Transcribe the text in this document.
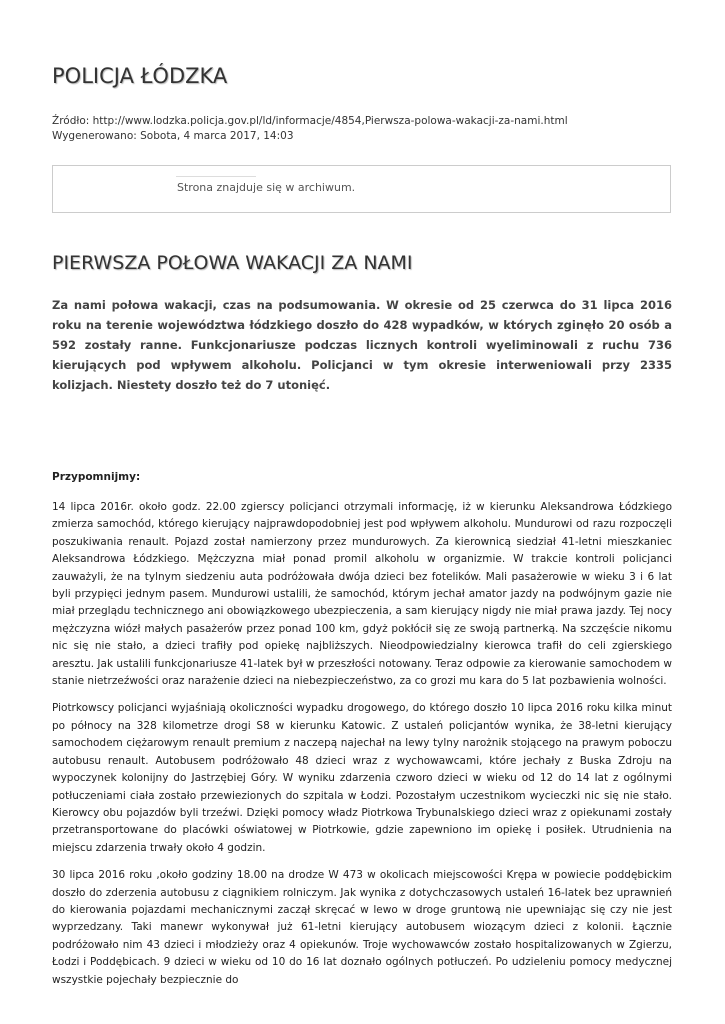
POLICJA ŁÓDZKA
Źródło: http://www.lodzka.policja.gov.pl/ld/informacje/4854,Pierwsza-polowa-wakacji-za-nami.html
Wygenerowano: Sobota, 4 marca 2017, 14:03
Strona znajduje się w archiwum.
PIERWSZA POŁOWA WAKACJI ZA NAMI
Za nami połowa wakacji, czas na podsumowania. W okresie od 25 czerwca do 31 lipca 2016 roku na terenie województwa łódzkiego doszło do 428 wypadków, w których zginęło 20 osób a 592 zostały ranne. Funkcjonariusze podczas licznych kontroli wyeliminowali z ruchu 736 kierujących pod wpływem alkoholu. Policjanci w tym okresie interweniowali przy 2335 kolizjach. Niestety doszło też do 7 utonięć.
Przypomnijmy:

14 lipca 2016r. około godz. 22.00 zgierscy policjanci otrzymali informację, iż w kierunku Aleksandrowa Łódzkiego zmierza samochód, którego kierujący najprawdopodobniej jest pod wpływem alkoholu. Mundurowi od razu rozpoczęli poszukiwania renault. Pojazd został namierzony przez mundurowych. Za kierownicą siedział 41-letni mieszkaniec Aleksandrowa Łódzkiego. Mężczyzna miał ponad promil alkoholu w organizmie. W trakcie kontroli policjanci zauważyli, że na tylnym siedzeniu auta podróżowała dwója dzieci bez fotelików. Mali pasażerowie w wieku 3 i 6 lat byli przypięci jednym pasem. Mundurowi ustalili, że samochód, którym jechał amator jazdy na podwójnym gazie nie miał przeglądu technicznego ani obowiązkowego ubezpieczenia, a sam kierujący nigdy nie miał prawa jazdy. Tej nocy mężczyzna wiózł małych pasażerów przez ponad 100 km, gdyż pokłócił się ze swoją partnerką. Na szczęście nikomu nic się nie stało, a dzieci trafiły pod opiekę najbliższych. Nieodpowiedzialny kierowca trafił do celi zgierskiego aresztu. Jak ustalili funkcjonariusze 41-latek był w przeszłości notowany. Teraz odpowie za kierowanie samochodem w stanie nietrzeźwości oraz narażenie dzieci na niebezpieczeństwo, za co grozi mu kara do 5 lat pozbawienia wolności.

Piotrkowscy policjanci wyjaśniają okoliczności wypadku drogowego, do którego doszło 10 lipca 2016 roku kilka minut po północy na 328 kilometrze drogi S8 w kierunku Katowic. Z ustaleń policjantów wynika, że 38-letni kierujący samochodem ciężarowym renault premium z naczepą najechał na lewy tylny narożnik stojącego na prawym poboczu autobusu renault. Autobusem podróżowało 48 dzieci wraz z wychowawcami, które jechały z Buska Zdroju na wypoczynek kolonijny do Jastrzębiej Góry. W wyniku zdarzenia czworo dzieci w wieku od 12 do 14 lat z ogólnymi potłuczeniami ciała zostało przewiezionych do szpitala w Łodzi. Pozostałym uczestnikom wycieczki nic się nie stało. Kierowcy obu pojazdów byli trzeźwi. Dzięki pomocy władz Piotrkowa Trybunalskiego dzieci wraz z opiekunami zostały przetransportowane do placówki oświatowej w Piotrkowie, gdzie zapewniono im opiekę i posiłek. Utrudnienia na miejscu zdarzenia trwały około 4 godzin.

30 lipca 2016 roku ,około godziny 18.00 na drodze W 473 w okolicach miejscowości Krępa w powiecie poddębickim doszło do zderzenia autobusu z ciągnikiem rolniczym. Jak wynika z dotychczasowych ustaleń 16-latek bez uprawnień do kierowania pojazdami mechanicznymi zaczął skręcać w lewo w droge gruntową nie upewniając się czy nie jest wyprzedzany. Taki manewr wykonywał już 61-letni kierujący autobusem wiozącym dzieci z kolonii. Łącznie podróżowało nim 43 dzieci i młodzieży oraz 4 opiekunów. Troje wychowawców zostało hospitalizowanych w Zgierzu, Łodzi i Poddębicach. 9 dzieci w wieku od 10 do 16 lat doznało ogólnych potłuczeń. Po udzieleniu pomocy medycznej wszystkie pojechały bezpiecznie do
